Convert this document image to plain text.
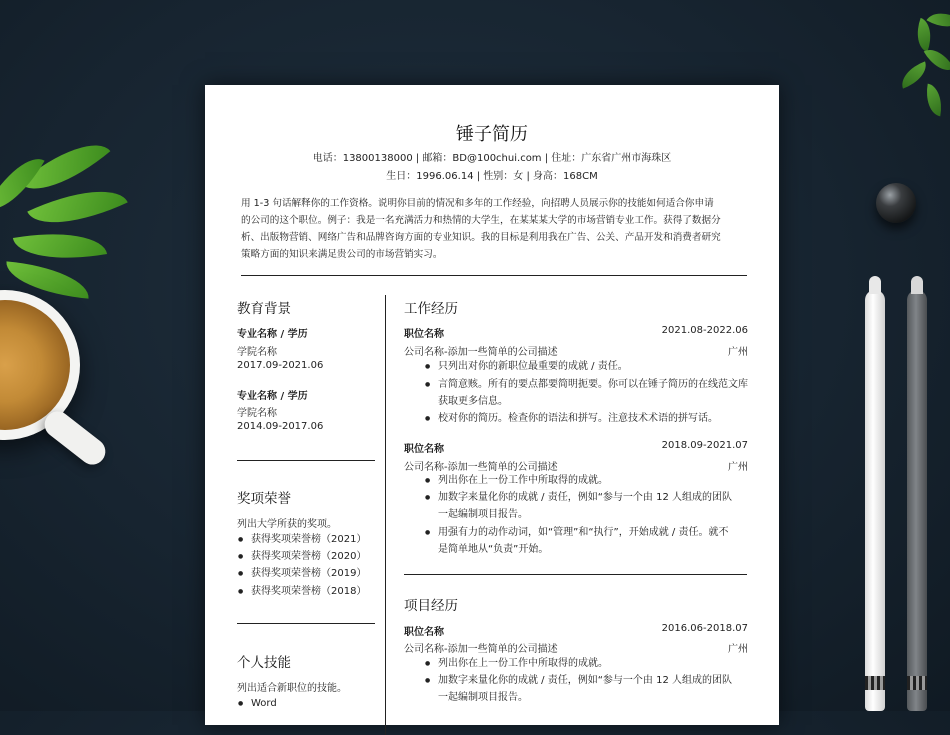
锤子简历
电话：13800138000 | 邮箱：BD@100chui.com | 住址：广东省广州市海珠区
生日：1996.06.14 | 性别：女 | 身高：168CM
用 1-3 句话解释你的工作资格。说明你目前的情况和多年的工作经验，向招聘人员展示你的技能如何适合你申请
的公司的这个职位。例子：我是一名充满活力和热情的大学生，在某某某大学的市场营销专业工作。获得了数据分
析、出版物营销、网络广告和品牌咨询方面的专业知识。我的目标是利用我在广告、公关、产品开发和消费者研究
策略方面的知识来满足贵公司的市场营销实习。
教育背景
专业名称 / 学历
学院名称
2017.09-2021.06
专业名称 / 学历
学院名称
2014.09-2017.06
奖项荣誉
列出大学所获的奖项。
● 获得奖项荣誉榜（2021）
● 获得奖项荣誉榜（2020）
● 获得奖项荣誉榜（2019）
● 获得奖项荣誉榜（2018）
个人技能
列出适合新职位的技能。
● Word
工作经历
职位名称	2021.08-2022.06
公司名称-添加一些简单的公司描述	广州
● 只列出对你的新职位最重要的成就 / 责任。
● 言简意赅。所有的要点都要简明扼要。你可以在锤子简历的在线范文库
获取更多信息。
● 校对你的简历。检查你的语法和拼写。注意技术术语的拼写话。
职位名称	2018.09-2021.07
公司名称-添加一些简单的公司描述	广州
● 列出你在上一份工作中所取得的成就。
● 加数字来量化你的成就 / 责任，例如“参与一个由 12 人组成的团队
一起编制项目报告。
● 用强有力的动作动词，如“管理”和“执行”，开始成就 / 责任。就不
是简单地从“负责”开始。
项目经历
职位名称	2016.06-2018.07
公司名称-添加一些简单的公司描述	广州
● 列出你在上一份工作中所取得的成就。
● 加数字来量化你的成就 / 责任，例如“参与一个由 12 人组成的团队
一起编制项目报告。
